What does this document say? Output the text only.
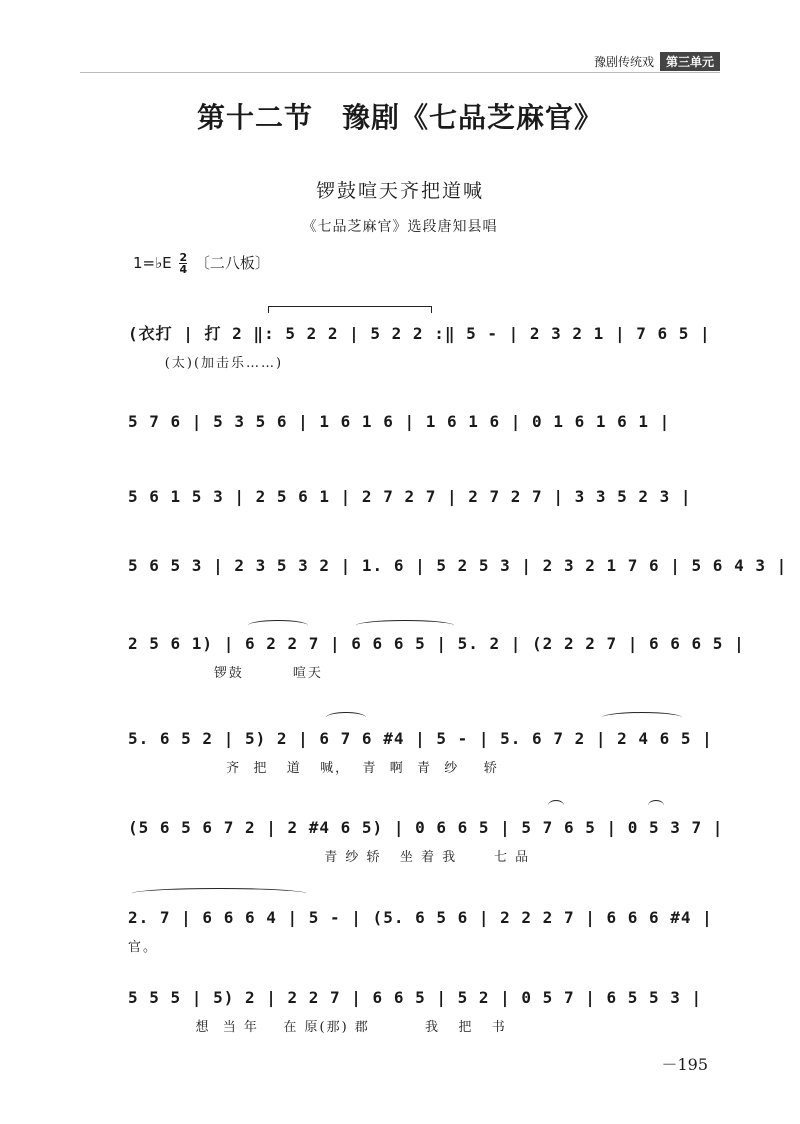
豫剧传统戏	第三单元
第十二节　豫剧《七品芝麻官》
锣鼓喧天齐把道喊
《七品芝麻官》选段唐知县唱
1=♭E $\frac{2}{4}$ 〔二八板〕
(衣打 | 打 2 ‖: 5 2 2 | 5 2 2 :‖ 5 - | 2 3 2 1 | 7 6 5 |
(太)(加击乐……)
5 7 6 | 5 3 5 6 | 1 6 1 6 | 1 6 1 6 | 0 1 6 1 6 1 |
5 6 1 5 3 | 2 5 6 1 | 2 7 2 7 | 2 7 2 7 | 3 3 5 2 3 |
5 6 5 3 | 2 3 5 3 2 | 1. 6 | 5 2 5 3 | 2 3 2 1 7 6 | 5 6 4 3 |
2 5 6 1) | 6 2 2 7 | 6 6 6 5 | 5. 2 | (2 2 2 7 | 6 6 6 5 |
锣鼓        喧天
5. 6 5 2 | 5) 2 | 6 7 6 #4 | 5 - | 5. 6 7 2 | 2 4 6 5 |
齐  把   道   喊，  青  啊  青  纱    轿
(5 6 5 6 7 2 | 2 #4 6 5) | 0 6 6 5 | 5 7 6 5 | 0 5 3 7 |
青 纱 轿   坐 着 我      七 品
2. 7 | 6 6 6 4 | 5 - | (5. 6 5 6 | 2 2 2 7 | 6 6 6 #4 |
官。
5 5 5 | 5) 2 | 2 2 7 | 6 6 5 | 5 2 | 0 5 7 | 6 5 5 3 |
想  当 年    在 原(那) 郡         我   把   书
－195
